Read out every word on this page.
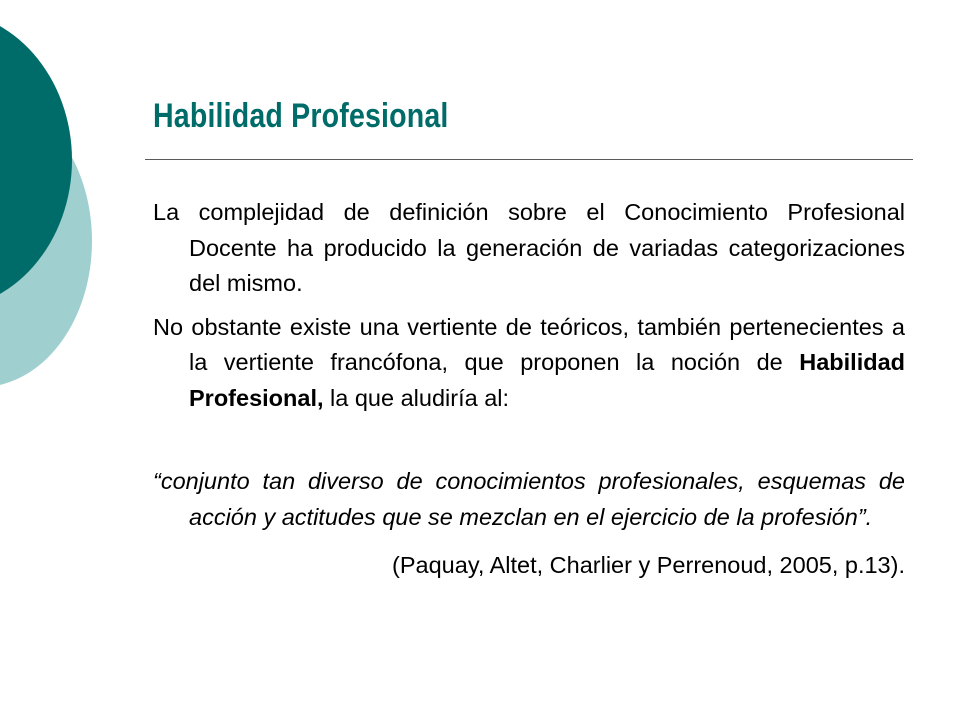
Habilidad Profesional

La complejidad de definición sobre el Conocimiento Profesional Docente ha producido la generación de variadas categorizaciones del mismo.

No obstante existe una vertiente de teóricos, también pertenecientes a la vertiente francófona, que proponen la noción de Habilidad Profesional, la que aludiría al:

“conjunto tan diverso de conocimientos profesionales, esquemas de acción y actitudes que se mezclan en el ejercicio de la profesión”.

(Paquay, Altet, Charlier y Perrenoud, 2005, p.13).
